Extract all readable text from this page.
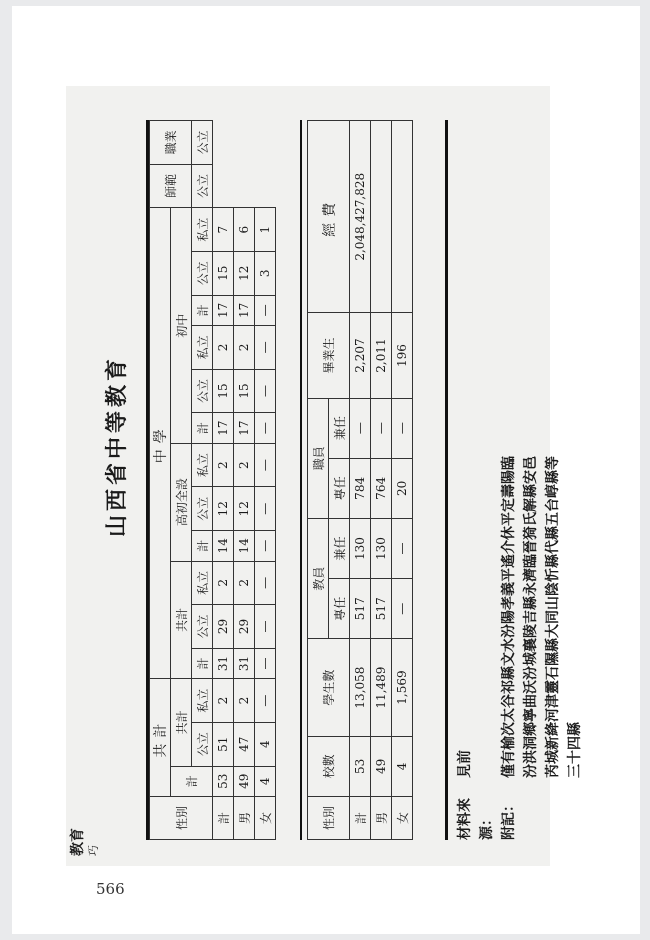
教育 巧
山西省中等教育
性別	共計			中學												師範	職業
	計	共計		共計			高初全設			初中							
		公立	私立	計	公立	私立	計	公立	私立	計	公立	私立	計	公立	私立	公立	公立
計	53	51	2	31	29	2	14	12	2	17	15	2	17	15	7		
男	49	47	2	31	29	2	14	12	2	17	15	2	17	12	6		
女	4	4	—	—	—	—	—	—	—	—	—	—	—	3	1		
性別	校數	學生數	教員		職員		畢業生	經費
			專任	兼任	專任	兼任		
計	53	13,058	517	130	784	—	2,207	2,048,427,828
男	49	11,489	517	130	764	—	2,011	
女	4	1,569	—	—	20	—	196	
材料來源：
見前
附記：
僅有榆次太谷祁縣文水汾陽孝義平遙介休平定壽陽臨 汾洪洞鄉寧曲沃汾城襄陵吉縣永濟臨晉猗氏解縣安邑 芮城新絳河津靈石隰縣大同山陰忻縣代縣五台崞縣等 三十四縣
566
